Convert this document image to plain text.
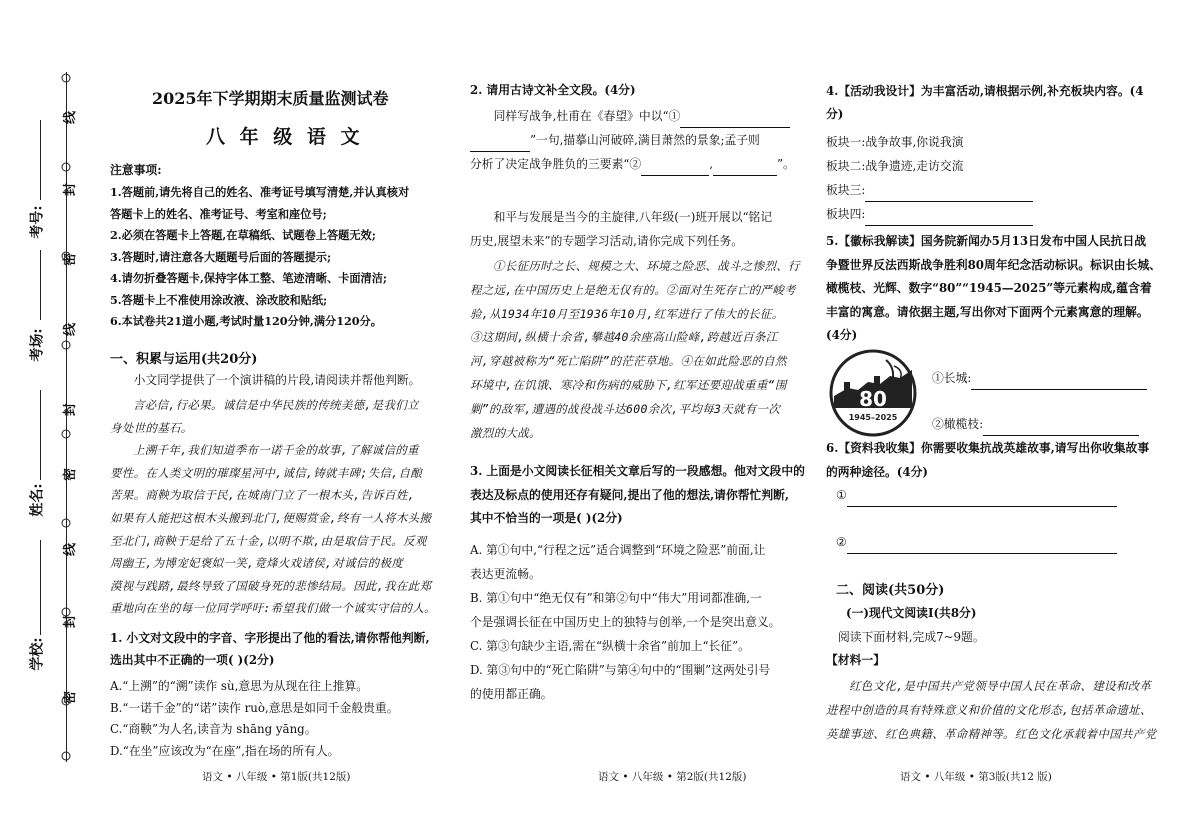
线
封
密
线
封
密
线
封
密
考号:
考场:
姓名:
学校:
2025年下学期期末质量监测试卷
八 年 级 语 文
注意事项:

1.答题前,请先将自己的姓名、准考证号填写清楚,并认真核对

答题卡上的姓名、准考证号、考室和座位号;

2.必须在答题卡上答题,在草稿纸、试题卷上答题无效;

3.答题时,请注意各大题题号后面的答题提示;

4.请勿折叠答题卡,保持字体工整、笔迹清晰、卡面清洁;

5.答题卡上不准使用涂改液、涂改胶和贴纸;

6.本试卷共21道小题,考试时量120分钟,满分120分。

一、积累与运用(共20分)
小文同学提供了一个演讲稿的片段,请阅读并帮他判断。

言必信,行必果。诚信是中华民族的传统美德,是我们立

身处世的基石。

上溯千年,我们知道季布一诺千金的故事,了解诚信的重

要性。在人类文明的璀璨星河中,诚信,铸就丰碑;失信,自酿

苦果。商鞅为取信于民,在城南门立了一根木头,告诉百姓,

如果有人能把这根木头搬到北门,便赐赏金,终有一人将木头搬

至北门,商鞅于是给了五十金,以明不欺,由是取信于民。反观

周幽王,为博宠妃褒姒一笑,竟烽火戏诸侯,对诚信的极度

漠视与践踏,最终导致了国破身死的悲惨结局。因此,我在此郑

重地向在坐的每一位同学呼吁:希望我们做一个诚实守信的人。

1. 小文对文段中的字音、字形提出了他的看法,请你帮他判断,

选出其中不正确的一项( )(2分)

A.“上溯”的“溯”读作 sù,意思为从现在往上推算。

B.“一诺千金”的“诺”读作 ruò,意思是如同千金般贵重。

C.“商鞅”为人名,读音为 shāng yāng。

D.“在坐”应该改为“在座”,指在场的所有人。

语文 • 八年级 • 第1版(共12版)
2. 请用古诗文补全文段。(4分)

同样写战争,杜甫在《春望》中以“①

”一句,描摹山河破碎,满目萧然的景象;孟子则

分析了决定战争胜负的三要素“②	,	”。

和平与发展是当今的主旋律,八年级(一)班开展以“铭记

历史,展望未来”的专题学习活动,请你完成下列任务。

①长征历时之长、规模之大、环境之险恶、战斗之惨烈、行

程之远,在中国历史上是绝无仅有的。②面对生死存亡的严峻考

验,从1934年10月至1936年10月,红军进行了伟大的长征。

③这期间,纵横十余省,攀越40余座高山险峰,跨越近百条江

河,穿越被称为“死亡陷阱”的茫茫草地。④在如此险恶的自然

环境中,在饥饿、寒冷和伤病的威胁下,红军还要迎战重重“围

剿”的敌军,遭遇的战役战斗达600余次,平均每3天就有一次

激烈的大战。

3. 上面是小文阅读长征相关文章后写的一段感想。他对文段中的

表达及标点的使用还存有疑问,提出了他的想法,请你帮忙判断,

其中不恰当的一项是( )(2分)

A. 第①句中,“行程之远”适合调整到“环境之险恶”前面,让

表达更流畅。

B. 第①句中“绝无仅有”和第②句中“伟大”用词都准确,一

个是强调长征在中国历史上的独特与创举,一个是突出意义。

C. 第③句缺少主语,需在“纵横十余省”前加上“长征”。

D. 第③句中的“死亡陷阱”与第④句中的“围剿”这两处引号

的使用都正确。

语文 • 八年级 • 第2版(共12版)

4.【活动我设计】为丰富活动,请根据示例,补充板块内容。(4

分)

板块一:战争故事,你说我演

板块二:战争遗迹,走访交流

板块三:

板块四:

5.【徽标我解读】国务院新闻办5月13日发布中国人民抗日战

争暨世界反法西斯战争胜利80周年纪念活动标识。标识由长城、

橄榄枝、光辉、数字“80”“1945—2025”等元素构成,蕴含着

丰富的寓意。请依据主题,写出你对下面两个元素寓意的理解。

(4分)

80
1945–2025
①长城:
②橄榄枝:

6.【资料我收集】你需要收集抗战英雄故事,请写出你收集故事

的两种途径。(4分)

①
②
二、阅读(共50分)
(一)现代文阅读Ⅰ(共8分)
阅读下面材料,完成7~9题。
【材料一】

红色文化,是中国共产党领导中国人民在革命、建设和改革

进程中创造的具有特殊意义和价值的文化形态,包括革命遗址、

英雄事迹、红色典籍、革命精神等。红色文化承载着中国共产党

语文 • 八年级 • 第3版(共12 版)
